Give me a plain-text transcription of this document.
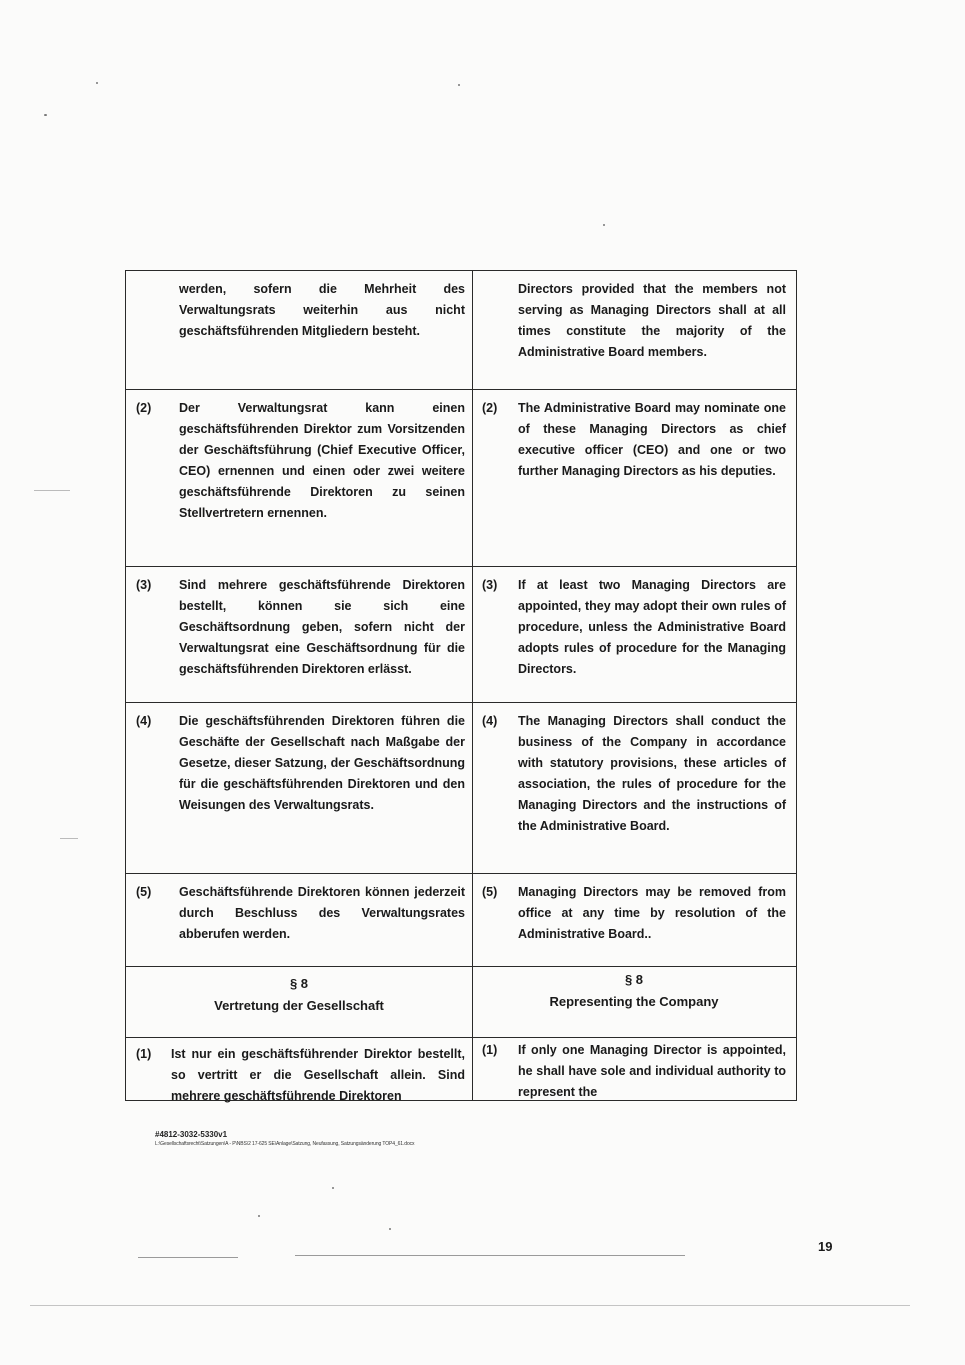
werden, sofern die Mehrheit des Verwaltungsrats weiterhin aus nicht geschäftsführenden Mitgliedern besteht.
Directors provided that the members not serving as Managing Directors shall at all times constitute the majority of the Administrative Board members.
(2) Der Verwaltungsrat kann einen geschäftsführenden Direktor zum Vorsitzenden der Geschäftsführung (Chief Executive Officer, CEO) ernennen und einen oder zwei weitere geschäftsführende Direktoren zu seinen Stellvertretern ernennen.
(2) The Administrative Board may nominate one of these Managing Directors as chief executive officer (CEO) and one or two further Managing Directors as his deputies.
(3) Sind mehrere geschäftsführende Direktoren bestellt, können sie sich eine Geschäftsordnung geben, sofern nicht der Verwaltungsrat eine Geschäftsordnung für die geschäftsführenden Direktoren erlässt.
(3) If at least two Managing Directors are appointed, they may adopt their own rules of procedure, unless the Administrative Board adopts rules of procedure for the Managing Directors.
(4) Die geschäftsführenden Direktoren führen die Geschäfte der Gesellschaft nach Maßgabe der Gesetze, dieser Satzung, der Geschäftsordnung für die geschäftsführenden Direktoren und den Weisungen des Verwaltungsrats.
(4) The Managing Directors shall conduct the business of the Company in accordance with statutory provisions, these articles of association, the rules of procedure for the Managing Directors and the instructions of the Administrative Board.
(5) Geschäftsführende Direktoren können jederzeit durch Beschluss des Verwaltungsrates abberufen werden.
(5) Managing Directors may be removed from office at any time by resolution of the Administrative Board..
§ 8
Vertretung der Gesellschaft
§ 8
Representing the Company
(1) Ist nur ein geschäftsführender Direktor bestellt, so vertritt er die Gesellschaft allein. Sind mehrere geschäftsführende Direktoren
(1) If only one Managing Director is appointed, he shall have sole and individual authority to represent the
#4812-3032-5330v1
L:\Gesellschaftsrecht\Satzungen\A - P\NBS\2 17-625 SE\Anlage\Satzung, Neufassung, Satzungsänderung TOP4_61.docx
19
